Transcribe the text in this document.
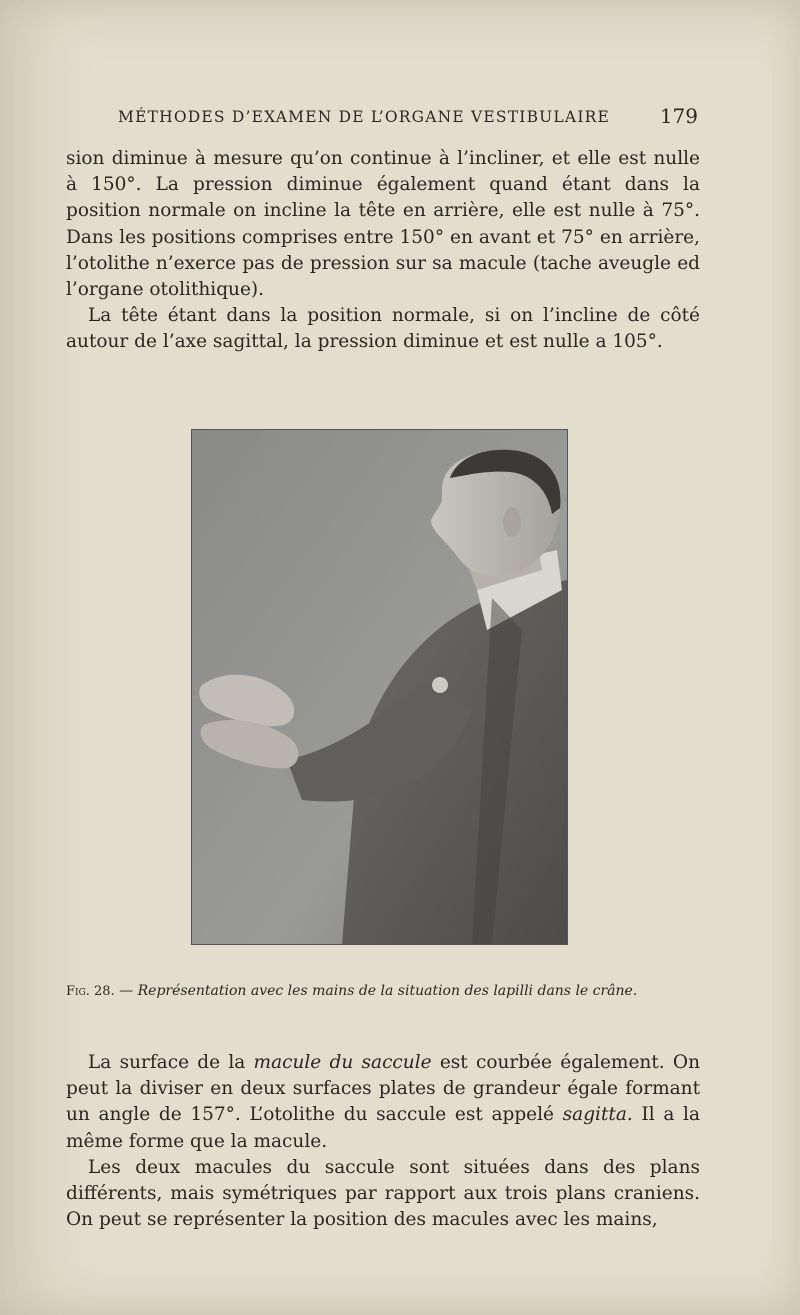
MÉTHODES D’EXAMEN DE L’ORGANE VESTIBULAIRE 179

sion diminue à mesure qu’on continue à l’incliner, et elle est nulle à 150°. La pression diminue également quand étant dans la position normale on incline la tête en arrière, elle est nulle à 75°. Dans les positions comprises entre 150° en avant et 75° en arrière, l’otolithe n’exerce pas de pression sur sa macule (tache aveugle ed l’organe otolithique).

La tête étant dans la position normale, si on l’incline de côté autour de l’axe sagittal, la pression diminue et est nulle a 105°.

Fig. 28. — Représentation avec les mains de la situation des lapilli dans le crâne.

La surface de la macule du saccule est courbée également. On peut la diviser en deux surfaces plates de grandeur égale formant un angle de 157°. L’otolithe du saccule est appelé sagitta. Il a la même forme que la macule.

Les deux macules du saccule sont situées dans des plans différents, mais symétriques par rapport aux trois plans craniens. On peut se représenter la position des macules avec les mains,
